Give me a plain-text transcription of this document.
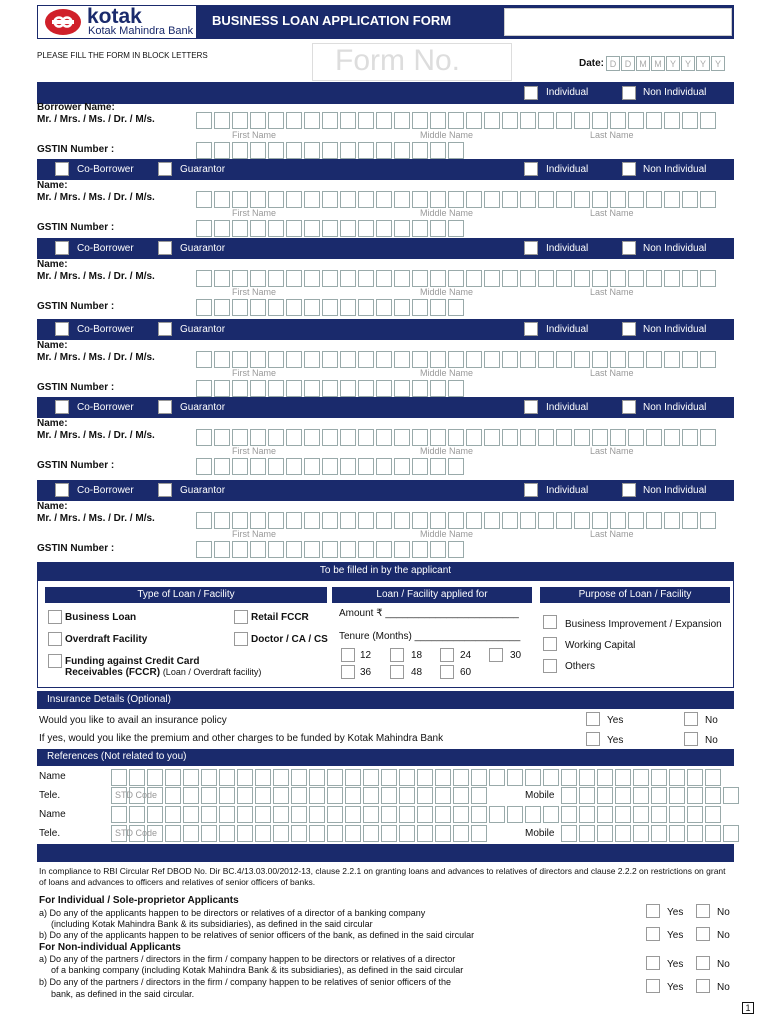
kotak
Kotak Mahindra Bank
BUSINESS LOAN APPLICATION FORM
PLEASE FILL THE FORM IN BLOCK LETTERS	Form No.	Date: D D M M Y Y Y Y
Individual	Non Individual
Borrower Name:
Mr. / Mrs. / Ms. / Dr. / M/s.
First Name	Middle Name	Last Name
GSTIN Number :
Co-Borrower	Guarantor	Individual	Non Individual
Name:
Mr. / Mrs. / Ms. / Dr. / M/s.
First Name	Middle Name	Last Name
GSTIN Number :
Co-Borrower	Guarantor	Individual	Non Individual
Name:
Mr. / Mrs. / Ms. / Dr. / M/s.
First Name	Middle Name	Last Name
GSTIN Number :
Co-Borrower	Guarantor	Individual	Non Individual
Name:
Mr. / Mrs. / Ms. / Dr. / M/s.
First Name	Middle Name	Last Name
GSTIN Number :
Co-Borrower	Guarantor	Individual	Non Individual
Name:
Mr. / Mrs. / Ms. / Dr. / M/s.
First Name	Middle Name	Last Name
GSTIN Number :
Co-Borrower	Guarantor	Individual	Non Individual
Name:
Mr. / Mrs. / Ms. / Dr. / M/s.
First Name	Middle Name	Last Name
GSTIN Number :
To be filled in by the applicant
Type of Loan / Facility	Loan / Facility applied for	Purpose of Loan / Facility
Business Loan	Retail FCCR
Overdraft Facility	Doctor / CA / CS
Funding against Credit Card
Receivables (FCCR) (Loan / Overdraft facility)
Amount ₹ ________________________
Tenure (Months) ___________________
12	18	24	30
36	48	60
Business Improvement / Expansion
Working Capital
Others
Insurance Details (Optional)
Would you like to avail an insurance policy	Yes	No
If yes, would you like the premium and other charges to be funded by Kotak Mahindra Bank	Yes	No
References (Not related to you)
Name
Tele.	STD Code	Mobile
Name
Tele.	STD Code	Mobile
In compliance to RBI Circular Ref DBOD No. Dir BC.4/13.03.00/2012-13, clause 2.2.1 on granting loans and advances to relatives of directors and clause 2.2.2 on restrictions on grant of loans and advances to officers and relatives of senior officers of banks.
For Individual / Sole-proprietor Applicants
a) Do any of the applicants happen to be directors or relatives of a director of a banking company
(including Kotak Mahindra Bank & its subsidiaries), as defined in the said circular
b) Do any of the applicants happen to be relatives of senior officers of the bank, as defined in the said circular
For Non-individual Applicants
a) Do any of the partners / directors in the firm / company happen to be directors or relatives of a director
of a banking company (including Kotak Mahindra Bank & its subsidiaries), as defined in the said circular
b) Do any of the partners / directors in the firm / company happen to be relatives of senior officers of the
bank, as defined in the said circular.
Yes	No
Yes	No
Yes	No
Yes	No
1
